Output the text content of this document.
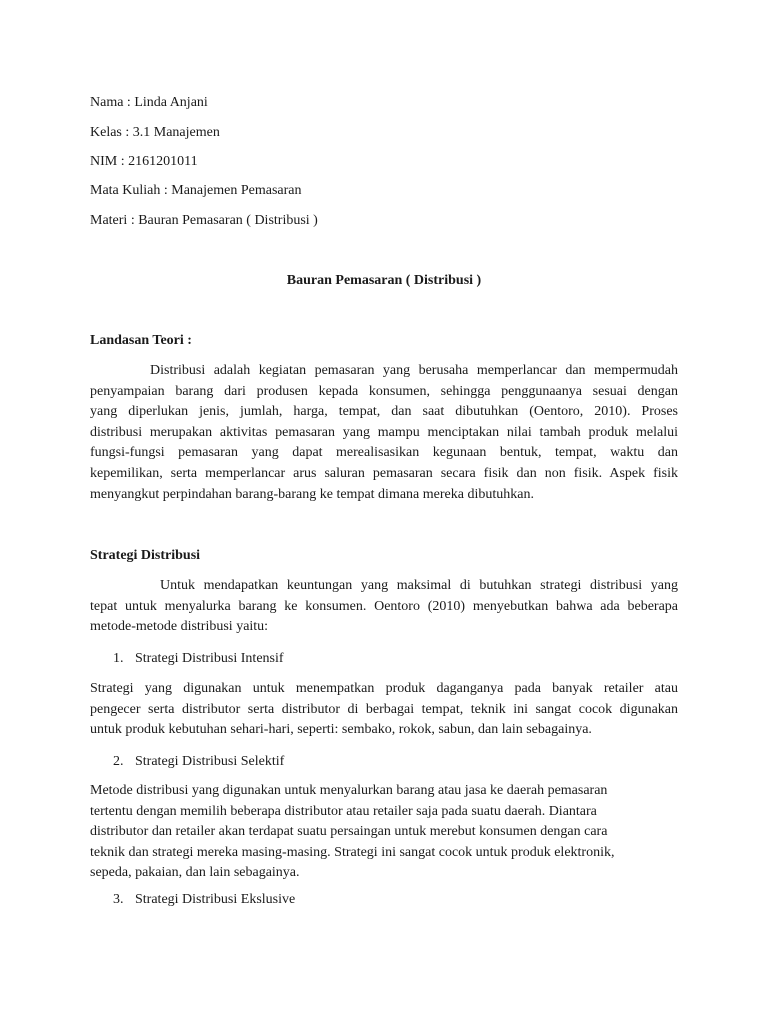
Nama : Linda Anjani
Kelas : 3.1 Manajemen
NIM : 2161201011
Mata Kuliah : Manajemen Pemasaran
Materi : Bauran Pemasaran ( Distribusi )
Bauran Pemasaran ( Distribusi )
Landasan Teori :
Distribusi adalah kegiatan pemasaran yang berusaha memperlancar dan mempermudah
penyampaian barang dari produsen kepada konsumen, sehingga penggunaanya sesuai dengan
yang diperlukan jenis, jumlah, harga, tempat, dan saat dibutuhkan (Oentoro, 2010). Proses
distribusi merupakan aktivitas pemasaran yang mampu menciptakan nilai tambah produk melalui
fungsi-fungsi pemasaran yang dapat merealisasikan kegunaan bentuk, tempat, waktu dan
kepemilikan, serta memperlancar arus saluran pemasaran secara fisik dan non fisik. Aspek fisik
menyangkut perpindahan barang-barang ke tempat dimana mereka dibutuhkan.
Strategi Distribusi
Untuk mendapatkan keuntungan yang maksimal di butuhkan strategi distribusi yang
tepat untuk menyalurka barang ke konsumen. Oentoro (2010) menyebutkan bahwa ada beberapa
metode-metode distribusi yaitu:
1. Strategi Distribusi Intensif
Strategi yang digunakan untuk menempatkan produk daganganya pada banyak retailer atau
pengecer serta distributor serta distributor di berbagai tempat, teknik ini sangat cocok digunakan
untuk produk kebutuhan sehari-hari, seperti: sembako, rokok, sabun, dan lain sebagainya.
2. Strategi Distribusi Selektif
Metode distribusi yang digunakan untuk menyalurkan barang atau jasa ke daerah pemasaran
tertentu dengan memilih beberapa distributor atau retailer saja pada suatu daerah. Diantara
distributor dan retailer akan terdapat suatu persaingan untuk merebut konsumen dengan cara
teknik dan strategi mereka masing-masing. Strategi ini sangat cocok untuk produk elektronik,
sepeda, pakaian, dan lain sebagainya.
3. Strategi Distribusi Ekslusive
